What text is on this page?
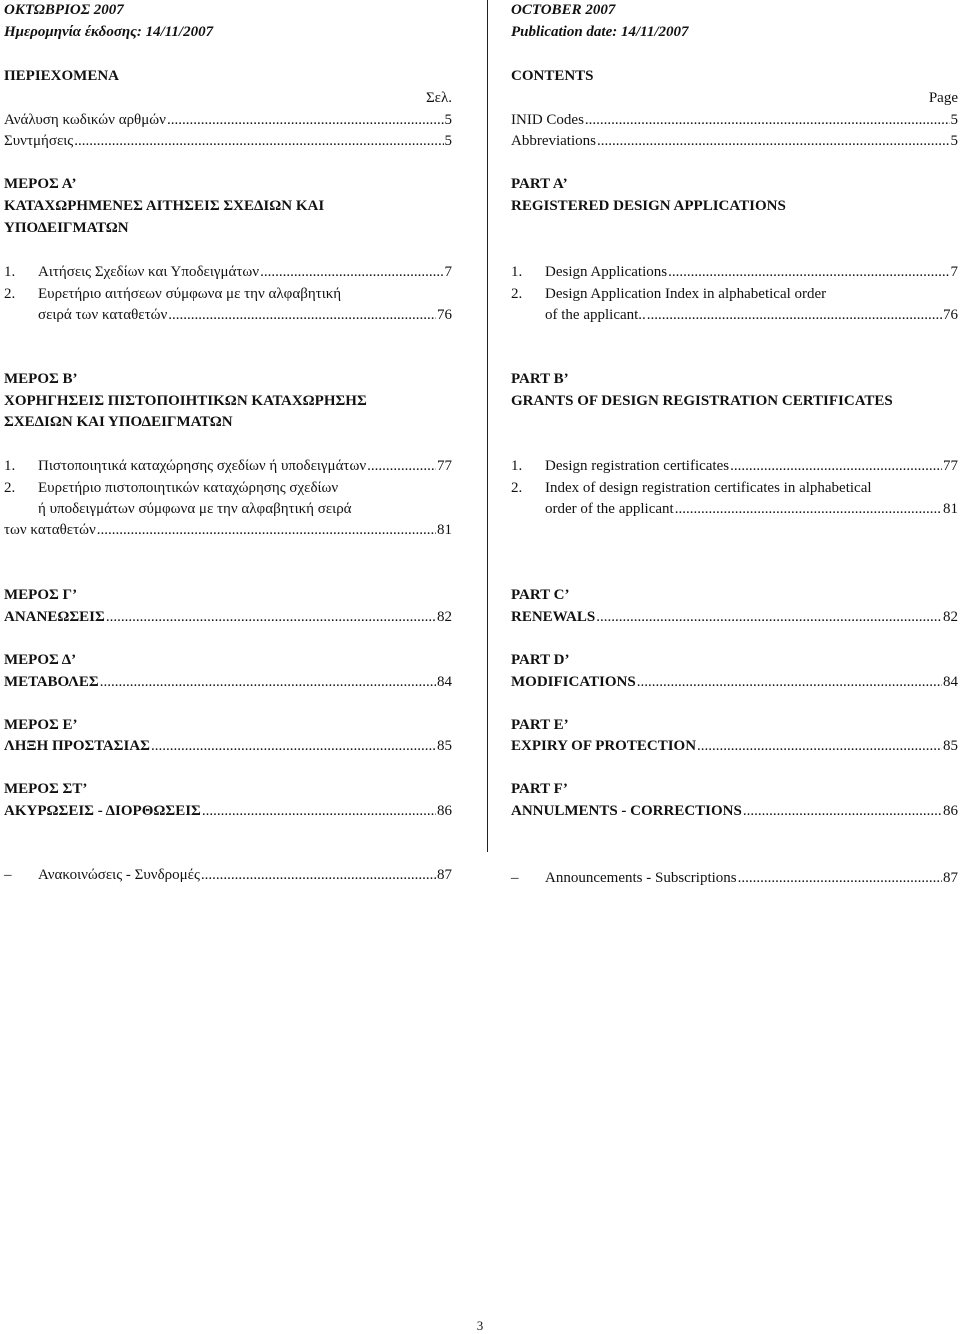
ΟΚΤΩΒΡΙΟΣ 2007
Ημερομηνία έκδοσης: 14/11/2007
ΠΕΡΙΕΧΟΜΕΝΑ
Σελ.
Ανάλυση κωδικών αρθμών .....	5
Συντμήσεις .....	5
ΜΕΡΟΣ Α’
ΚΑΤΑΧΩΡΗΜΕΝΕΣ ΑΙΤΗΣΕΙΣ ΣΧΕΔΙΩΝ ΚΑΙ
ΥΠΟΔΕΙΓΜΑΤΩΝ
1. Αιτήσεις Σχεδίων και Υποδειγμάτων .....	7
2. Ευρετήριο αιτήσεων σύμφωνα με την αλφαβητική
σειρά των καταθετών .....	76
ΜΕΡΟΣ Β’
ΧΟΡΗΓΗΣΕΙΣ ΠΙΣΤΟΠΟΙΗΤΙΚΩΝ ΚΑΤΑΧΩΡΗΣΗΣ
ΣΧΕΔΙΩΝ ΚΑΙ ΥΠΟΔΕΙΓΜΑΤΩΝ
1. Πιστοποιητικά καταχώρησης σχεδίων ή υποδειγμάτων .....	77
2. Ευρετήριο πιστοποιητικών καταχώρησης σχεδίων
ή υποδειγμάτων σύμφωνα με την αλφαβητική σειρά
των καταθετών .....	81
ΜΕΡΟΣ Γ’
ΑΝΑΝΕΩΣΕΙΣ .....	82
ΜΕΡΟΣ Δ’
ΜΕΤΑΒΟΛΕΣ .....	84
ΜΕΡΟΣ Ε’
ΛΗΞΗ ΠΡΟΣΤΑΣΙΑΣ .....	85
ΜΕΡΟΣ ΣΤ’
ΑΚΥΡΩΣΕΙΣ - ΔΙΟΡΘΩΣΕΙΣ .....	86
– Ανακοινώσεις - Συνδρομές .....	87
OCTOBER 2007
Publication date: 14/11/2007
CONTENTS
Page
INID Codes .....	5
Abbreviations .....	5
PART A’
REGISTERED DESIGN APPLICATIONS
1. Design Applications .....	7
2. Design Application Index in alphabetical order
of the applicant.. .....	76
PART B’
GRANTS OF DESIGN REGISTRATION CERTIFICATES
1. Design registration certificates .....	77
2. Index of design registration certificates in alphabetical
order of the applicant .....	81
PART C’
RENEWALS .....	82
PART D’
MODIFICATIONS .....	84
PART E’
EXPIRY OF PROTECTION .....	85
PART F’
ANNULMENTS - CORRECTIONS .....	86
– Announcements - Subscriptions .....	87
3
